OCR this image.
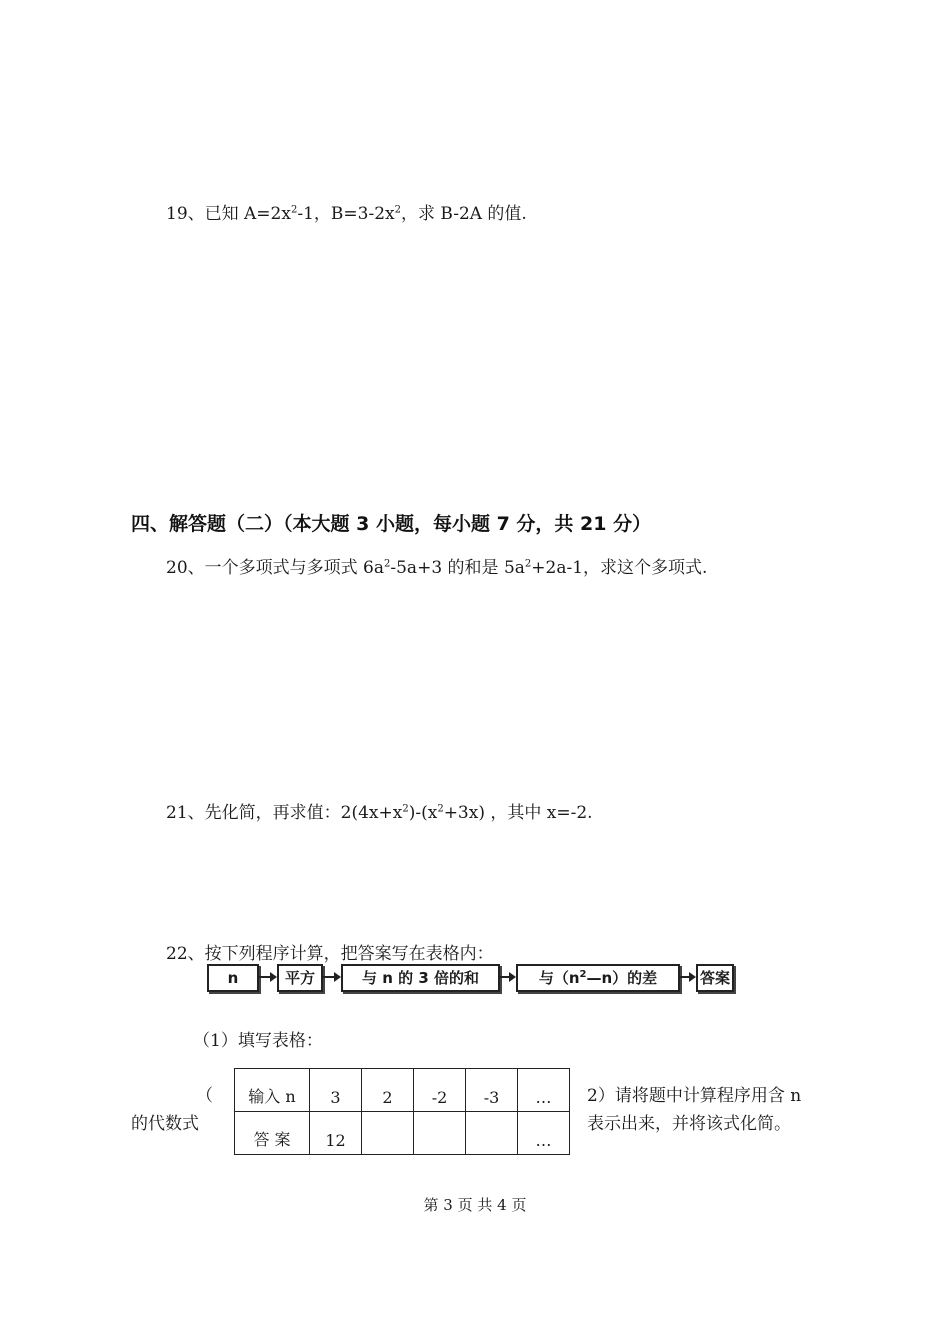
19、已知 $A=2x^2-1$，$B=3-2x^2$，求 B-2A 的值.
四、解答题（二）（本大题 3 小题，每小题 7 分，共 21 分）
20、一个多项式与多项式 $6a^2-5a+3$ 的和是 $5a^2+2a-1$，求这个多项式.
21、先化简，再求值：$2(4x+x^2)-(x^2+3x)$ ，其中 x=-2.
22、按下列程序计算，把答案写在表格内：
n	平方	与 n 的 3 倍的和	与$(n^2—n)$的差	答案
（1）填写表格：
（
的代数式
输入 n	3	2	-2	-3	…
答 案	12				…
2）请将题中计算程序用含 n
表示出来，并将该式化简。
第 3 页 共 4 页
